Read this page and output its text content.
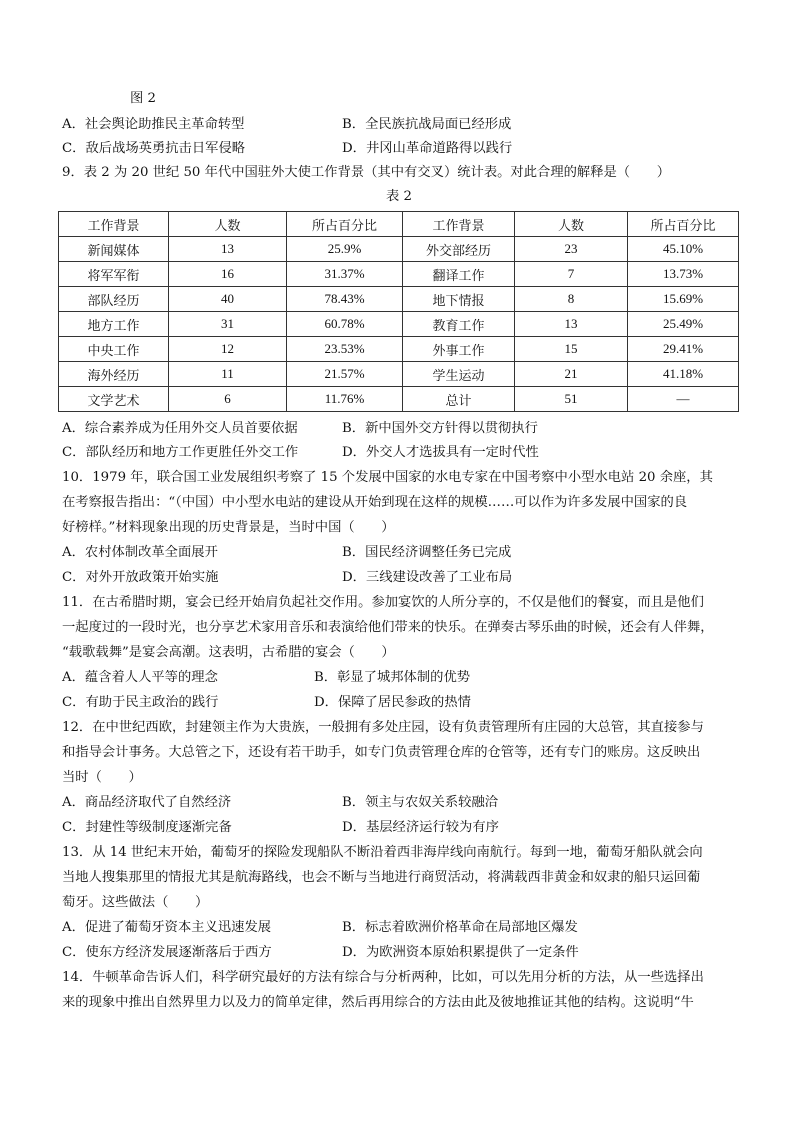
图 2
A．社会舆论助推民主革命转型	B．全民族抗战局面已经形成
C．敌后战场英勇抗击日军侵略	D．井冈山革命道路得以践行
9．表 2 为 20 世纪 50 年代中国驻外大使工作背景（其中有交叉）统计表。对此合理的解释是（　　）
表 2
工作背景	人数	所占百分比	工作背景	人数	所占百分比
新闻媒体	13	25.9%	外交部经历	23	45.10%
将军军衔	16	31.37%	翻译工作	7	13.73%
部队经历	40	78.43%	地下情报	8	15.69%
地方工作	31	60.78%	教育工作	13	25.49%
中央工作	12	23.53%	外事工作	15	29.41%
海外经历	11	21.57%	学生运动	21	41.18%
文学艺术	6	11.76%	总计	51	—
A．综合素养成为任用外交人员首要依据	B．新中国外交方针得以贯彻执行
C．部队经历和地方工作更胜任外交工作	D．外交人才选拔具有一定时代性
10．1979 年，联合国工业发展组织考察了 15 个发展中国家的水电专家在中国考察中小型水电站 20 余座，其
在考察报告指出：“（中国）中小型水电站的建设从开始到现在这样的规模……可以作为许多发展中国家的良
好榜样。”材料现象出现的历史背景是，当时中国（　　）
A．农村体制改革全面展开	B．国民经济调整任务已完成
C．对外开放政策开始实施	D．三线建设改善了工业布局
11．在古希腊时期，宴会已经开始肩负起社交作用。参加宴饮的人所分享的，不仅是他们的餐宴，而且是他们
一起度过的一段时光，也分享艺术家用音乐和表演给他们带来的快乐。在弹奏古琴乐曲的时候，还会有人伴舞，
“载歌载舞”是宴会高潮。这表明，古希腊的宴会（　　）
A．蕴含着人人平等的理念	B．彰显了城邦体制的优势
C．有助于民主政治的践行	D．保障了居民参政的热情
12．在中世纪西欧，封建领主作为大贵族，一般拥有多处庄园，设有负责管理所有庄园的大总管，其直接参与
和指导会计事务。大总管之下，还设有若干助手，如专门负责管理仓库的仓管等，还有专门的账房。这反映出
当时（　　）
A．商品经济取代了自然经济	B．领主与农奴关系较融洽
C．封建性等级制度逐渐完备	D．基层经济运行较为有序
13．从 14 世纪末开始，葡萄牙的探险发现船队不断沿着西非海岸线向南航行。每到一地，葡萄牙船队就会向
当地人搜集那里的情报尤其是航海路线，也会不断与当地进行商贸活动，将满载西非黄金和奴隶的船只运回葡
萄牙。这些做法（　　）
A．促进了葡萄牙资本主义迅速发展	B．标志着欧洲价格革命在局部地区爆发
C．使东方经济发展逐渐落后于西方	D．为欧洲资本原始积累提供了一定条件
14．牛顿革命告诉人们，科学研究最好的方法有综合与分析两种，比如，可以先用分析的方法，从一些选择出
来的现象中推出自然界里力以及力的简单定律，然后再用综合的方法由此及彼地推证其他的结构。这说明“牛
